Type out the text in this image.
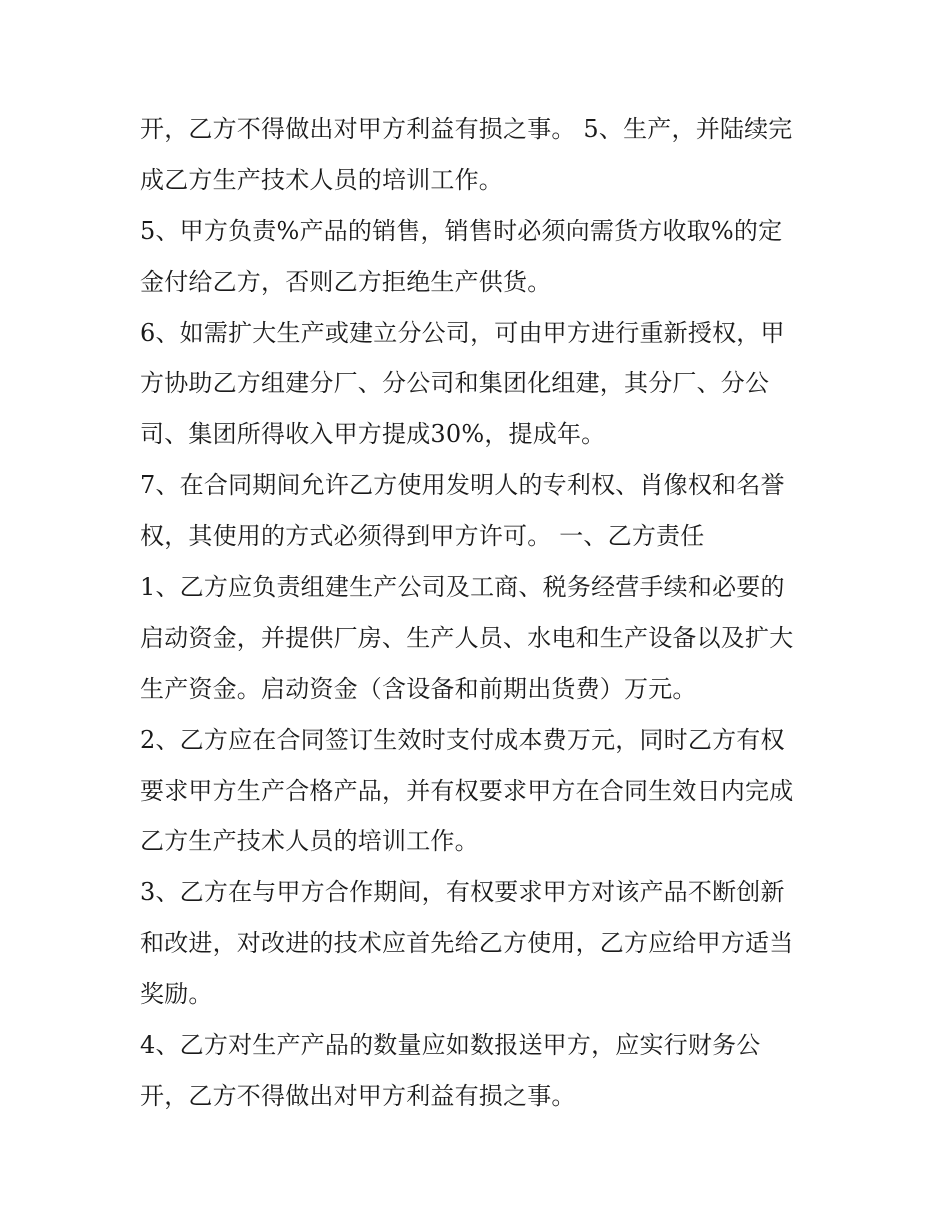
开，乙方不得做出对甲方利益有损之事。 5、生产，并陆续完
成乙方生产技术人员的培训工作。
5、甲方负责%产品的销售，销售时必须向需货方收取%的定
金付给乙方，否则乙方拒绝生产供货。
6、如需扩大生产或建立分公司，可由甲方进行重新授权，甲
方协助乙方组建分厂、分公司和集团化组建，其分厂、分公
司、集团所得收入甲方提成30%，提成年。
7、在合同期间允许乙方使用发明人的专利权、肖像权和名誉
权，其使用的方式必须得到甲方许可。 一、乙方责任
1、乙方应负责组建生产公司及工商、税务经营手续和必要的
启动资金，并提供厂房、生产人员、水电和生产设备以及扩大
生产资金。启动资金（含设备和前期出货费）万元。
2、乙方应在合同签订生效时支付成本费万元，同时乙方有权
要求甲方生产合格产品，并有权要求甲方在合同生效日内完成
乙方生产技术人员的培训工作。
3、乙方在与甲方合作期间，有权要求甲方对该产品不断创新
和改进，对改进的技术应首先给乙方使用，乙方应给甲方适当
奖励。
4、乙方对生产产品的数量应如数报送甲方，应实行财务公
开，乙方不得做出对甲方利益有损之事。
